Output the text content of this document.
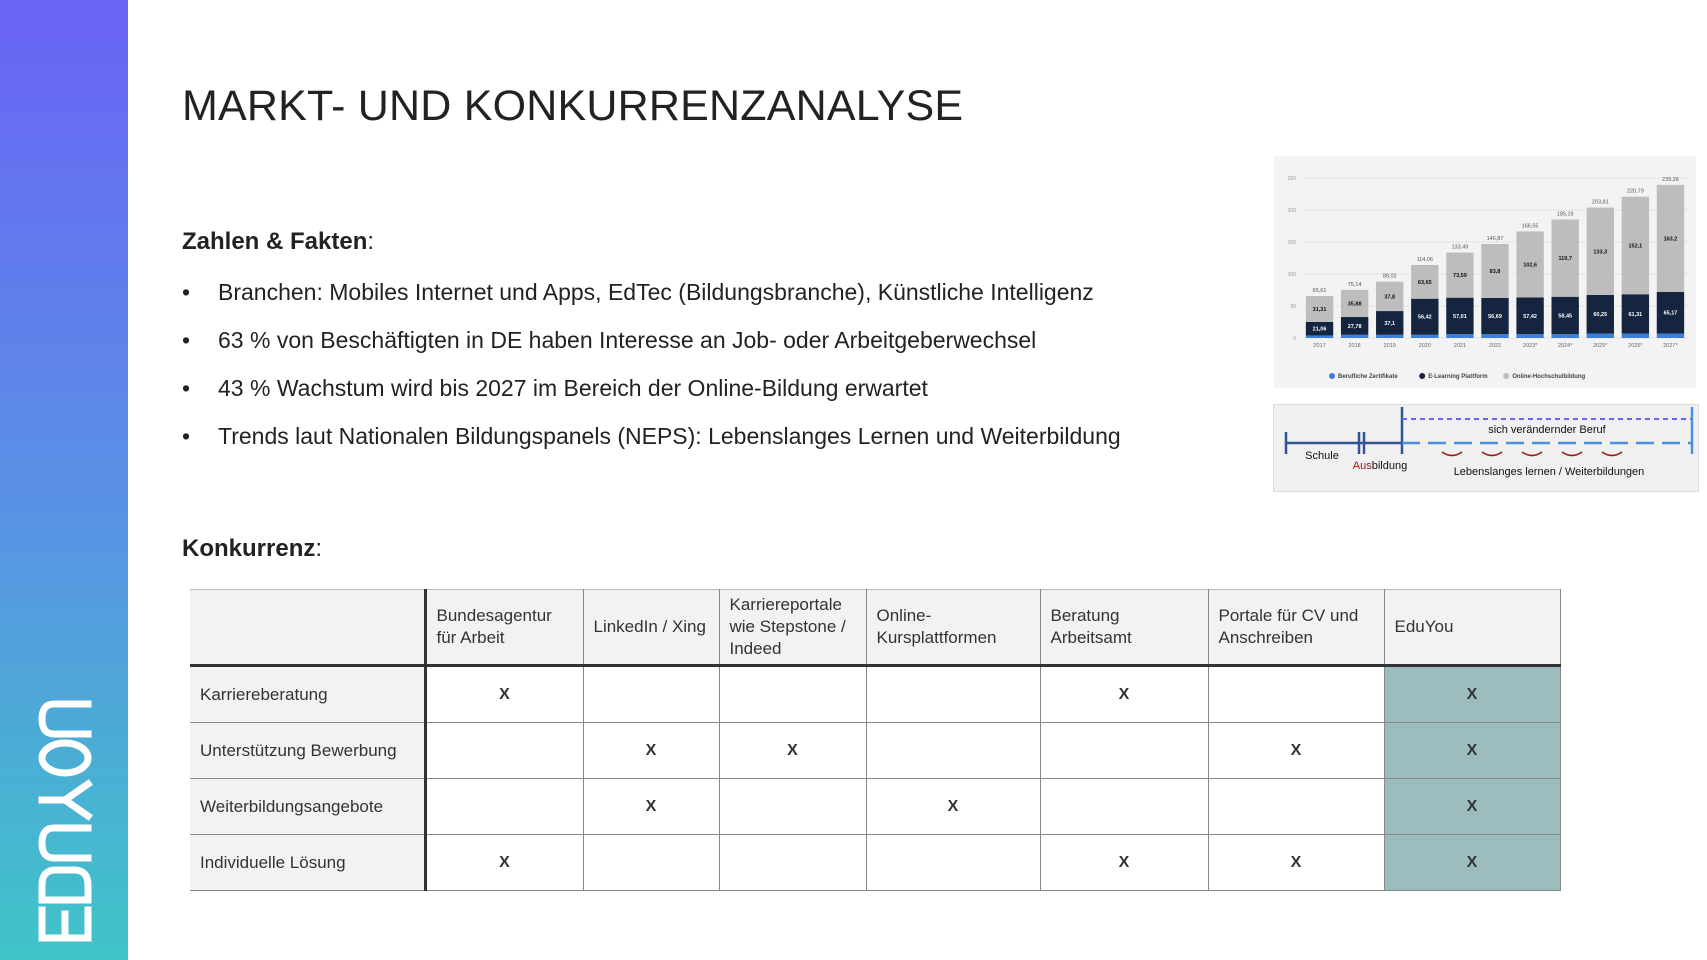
MARKT- UND KONKURRENZANALYSE
Zahlen & Fakten:
• Branchen: Mobiles Internet und Apps, EdTec (Bildungsbranche), Künstliche Intelligenz
• 63 % von Beschäftigten in DE haben Interesse an Job- oder Arbeitgeberwechsel
• 43 % Wachstum wird bis 2027 im Bereich der Online-Bildung erwartet
• Trends laut Nationalen Bildungspanels (NEPS): Lebenslanges Lernen und Weiterbildung
0
50
100
150
200
250
21,06
31,31
65,61
2017
27,78
35,88
75,14
2018
37,1
37,8
88,02
2019
56,42
63,65
114,06
2020
57,01
73,59
133,49
2021
56,69
83,8
146,87
2022
57,42
102,6
166,55
2023*
58,45
119,7
185,19
2024*
60,25
133,3
203,81
2025*
61,31
152,1
220,79
2026*
65,17
163,2
239,26
2027*
Berufliche Zertifikate	E-Learning Plattform	Online-Hochschulbildung
sich verändernder Beruf
Schule
Ausbildung	Lebenslanges lernen / Weiterbildungen
Konkurrenz:
	Bundesagentur für Arbeit	LinkedIn / Xing	Karriereportale wie Stepstone / Indeed	Online-Kursplattformen	Beratung Arbeitsamt	Portale für CV und Anschreiben	EduYou
Karriereberatung	X				X		X
Unterstützung Bewerbung		X	X			X	X
Weiterbildungsangebote		X		X			X
Individuelle Lösung	X				X	X	X
